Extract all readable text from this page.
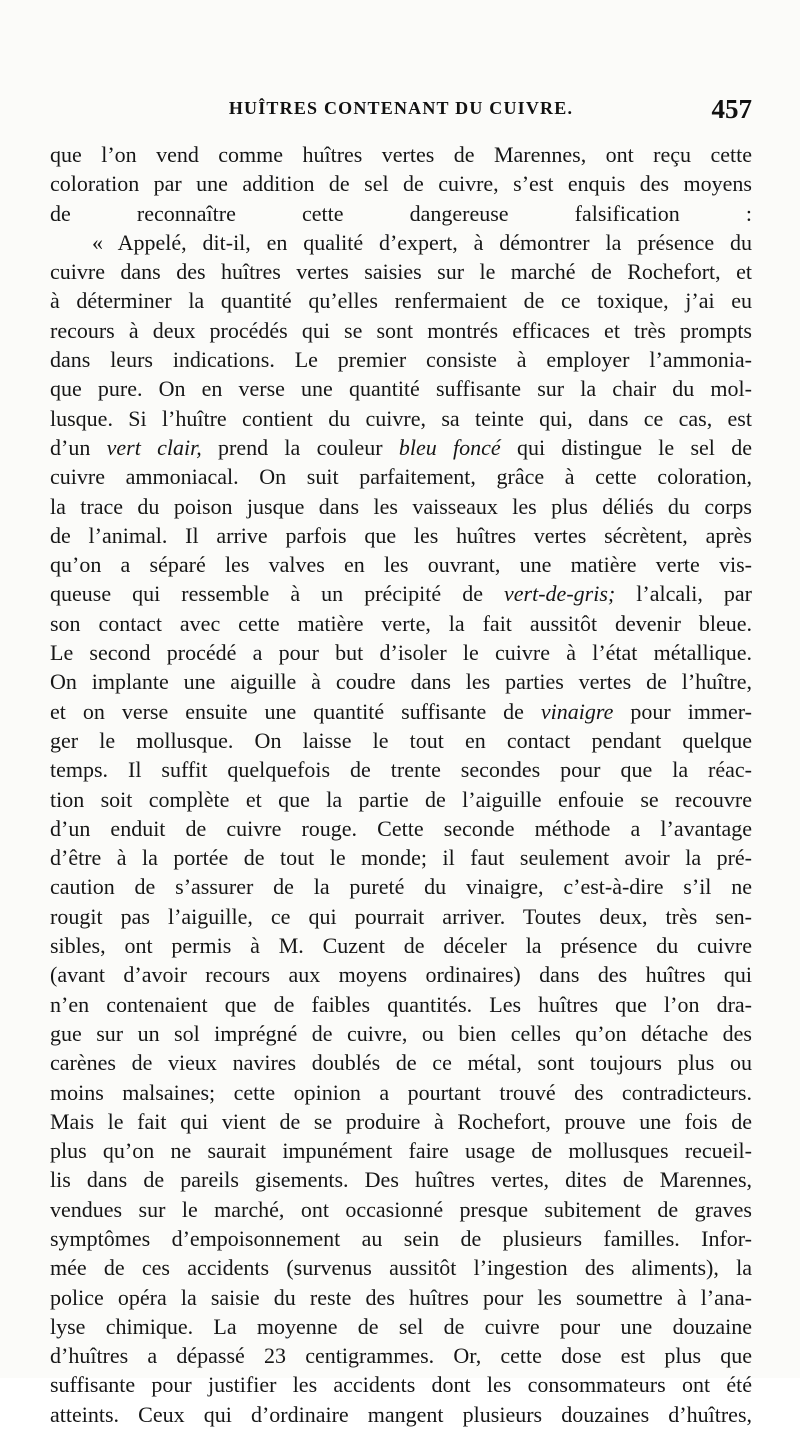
HUÎTRES CONTENANT DU CUIVRE.	457
que l’on vend comme huîtres vertes de Marennes, ont reçu cette
coloration par une addition de sel de cuivre, s’est enquis des moyens
de reconnaître cette dangereuse falsification :
« Appelé, dit-il, en qualité d’expert, à démontrer la présence du
cuivre dans des huîtres vertes saisies sur le marché de Rochefort, et
à déterminer la quantité qu’elles renfermaient de ce toxique, j’ai eu
recours à deux procédés qui se sont montrés efficaces et très prompts
dans leurs indications. Le premier consiste à employer l’ammonia-
que pure. On en verse une quantité suffisante sur la chair du mol-
lusque. Si l’huître contient du cuivre, sa teinte qui, dans ce cas, est
d’un vert clair, prend la couleur bleu foncé qui distingue le sel de
cuivre ammoniacal. On suit parfaitement, grâce à cette coloration,
la trace du poison jusque dans les vaisseaux les plus déliés du corps
de l’animal. Il arrive parfois que les huîtres vertes sécrètent, après
qu’on a séparé les valves en les ouvrant, une matière verte vis-
queuse qui ressemble à un précipité de vert-de-gris; l’alcali, par
son contact avec cette matière verte, la fait aussitôt devenir bleue.
Le second procédé a pour but d’isoler le cuivre à l’état métallique.
On implante une aiguille à coudre dans les parties vertes de l’huître,
et on verse ensuite une quantité suffisante de vinaigre pour immer-
ger le mollusque. On laisse le tout en contact pendant quelque
temps. Il suffit quelquefois de trente secondes pour que la réac-
tion soit complète et que la partie de l’aiguille enfouie se recouvre
d’un enduit de cuivre rouge. Cette seconde méthode a l’avantage
d’être à la portée de tout le monde; il faut seulement avoir la pré-
caution de s’assurer de la pureté du vinaigre, c’est-à-dire s’il ne
rougit pas l’aiguille, ce qui pourrait arriver. Toutes deux, très sen-
sibles, ont permis à M. Cuzent de déceler la présence du cuivre
(avant d’avoir recours aux moyens ordinaires) dans des huîtres qui
n’en contenaient que de faibles quantités. Les huîtres que l’on dra-
gue sur un sol imprégné de cuivre, ou bien celles qu’on détache des
carènes de vieux navires doublés de ce métal, sont toujours plus ou
moins malsaines; cette opinion a pourtant trouvé des contradicteurs.
Mais le fait qui vient de se produire à Rochefort, prouve une fois de
plus qu’on ne saurait impunément faire usage de mollusques recueil-
lis dans de pareils gisements. Des huîtres vertes, dites de Marennes,
vendues sur le marché, ont occasionné presque subitement de graves
symptômes d’empoisonnement au sein de plusieurs familles. Infor-
mée de ces accidents (survenus aussitôt l’ingestion des aliments), la
police opéra la saisie du reste des huîtres pour les soumettre à l’ana-
lyse chimique. La moyenne de sel de cuivre pour une douzaine
d’huîtres a dépassé 23 centigrammes. Or, cette dose est plus que
suffisante pour justifier les accidents dont les consommateurs ont été
atteints. Ceux qui d’ordinaire mangent plusieurs douzaines d’huîtres,
